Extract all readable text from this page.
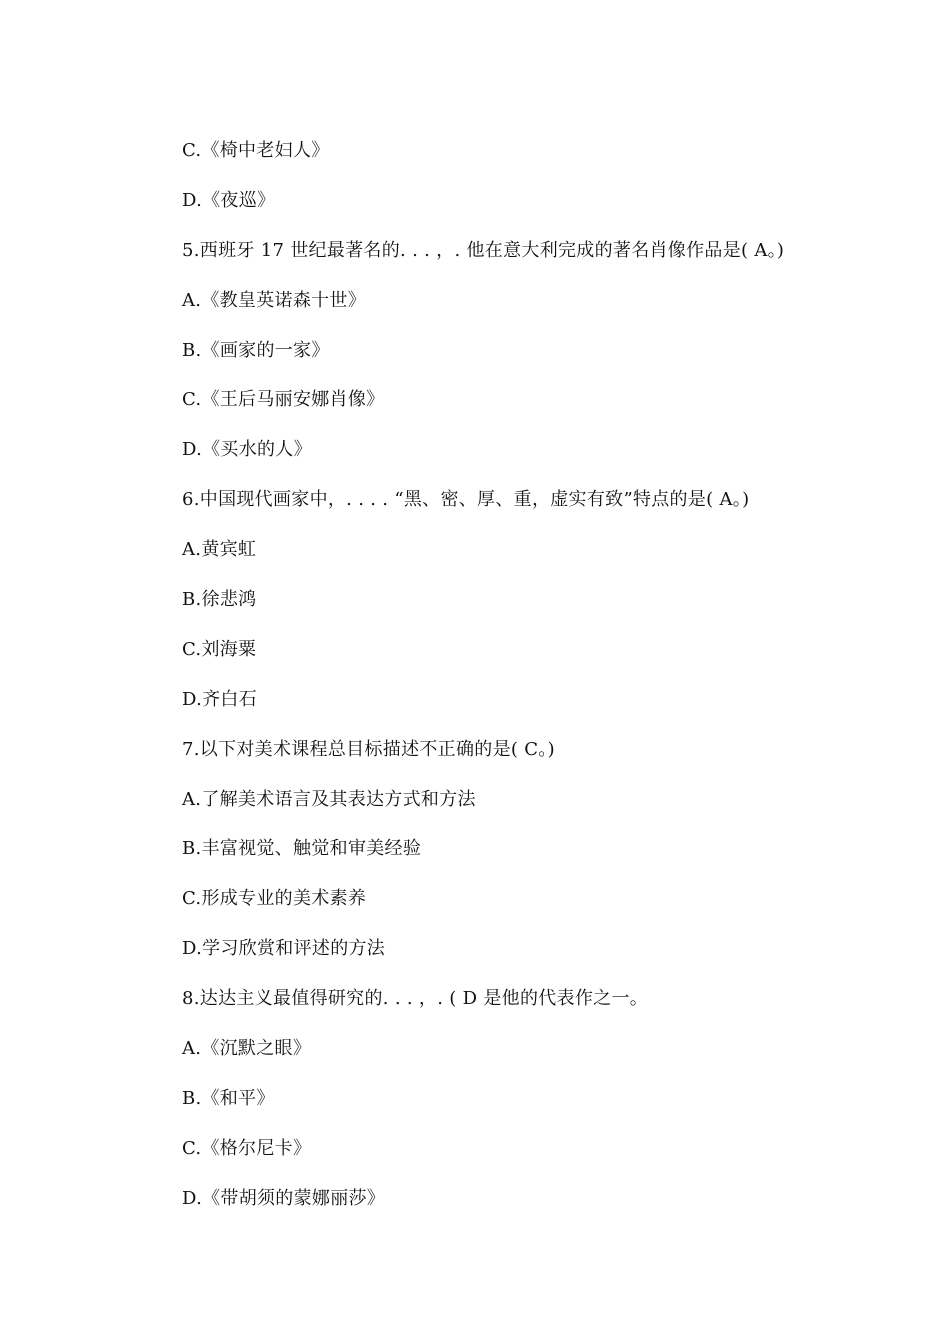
C.《椅中老妇人》
D.《夜巡》
5.西班牙 17 世纪最著名的. . . ，. 他在意大利完成的著名肖像作品是( A。)
A.《教皇英诺森十世》
B.《画家的一家》
C.《王后马丽安娜肖像》
D.《买水的人》
6.中国现代画家中，. . . . “黑、密、厚、重，虚实有致”特点的是( A。)
A.黄宾虹
B.徐悲鸿
C.刘海粟
D.齐白石
7.以下对美术课程总目标描述不正确的是( C。)
A.了解美术语言及其表达方式和方法
B.丰富视觉、触觉和审美经验
C.形成专业的美术素养
D.学习欣赏和评述的方法
8.达达主义最值得研究的. . . ，. ( D 是他的代表作之一。
A.《沉默之眼》
B.《和平》
C.《格尔尼卡》
D.《带胡须的蒙娜丽莎》
